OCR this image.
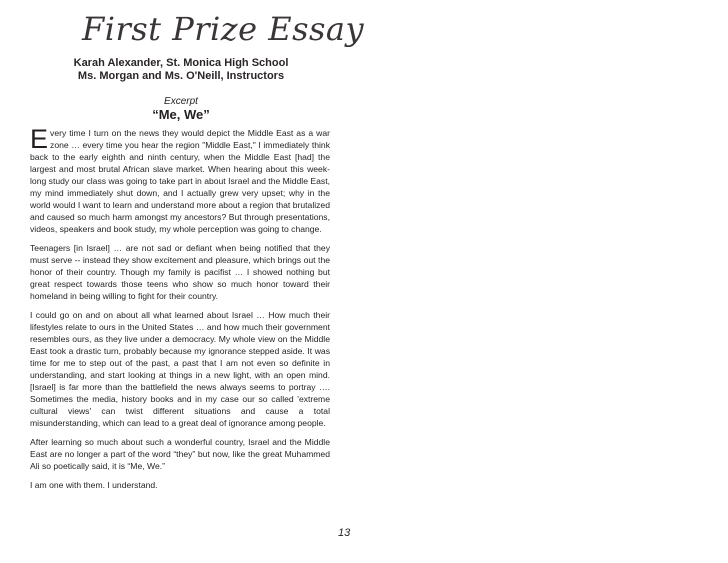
First Prize Essay
Karah Alexander, St. Monica High School
Ms. Morgan and Ms. O'Neill, Instructors
Excerpt
“Me, We”

Every time I turn on the news they would depict the Middle East as a war zone … every time you hear the region "Middle East," I immediately think back to the early eighth and ninth century, when the Middle East [had] the largest and most brutal African slave market. When hearing about this week-long study our class was going to take part in about Israel and the Middle East, my mind immediately shut down, and I actually grew very upset; why in the world would I want to learn and understand more about a region that brutalized and caused so much harm amongst my ancestors? But through presentations, videos, speakers and book study, my whole perception was going to change.

Teenagers [in Israel] … are not sad or defiant when being notified that they must serve -- instead they show excitement and pleasure, which brings out the honor of their country. Though my family is pacifist … I showed nothing but great respect towards those teens who show so much honor toward their homeland in being willing to fight for their country.

I could go on and on about all what learned about Israel … How much their lifestyles relate to ours in the United States … and how much their government resembles ours, as they live under a democracy. My whole view on the Middle East took a drastic turn, probably because my ignorance stepped aside. It was time for me to step out of the past, a past that I am not even so definite in understanding, and start looking at things in a new light, with an open mind. [Israel] is far more than the battlefield the news always seems to portray …. Sometimes the media, history books and in my case our so called 'extreme cultural views' can twist different situations and cause a total misunderstanding, which can lead to a great deal of ignorance among people.

After learning so much about such a wonderful country, Israel and the Middle East are no longer a part of the word “they” but now, like the great Muhammed Ali so poetically said, it is “Me, We.”

I am one with them. I understand.

13
